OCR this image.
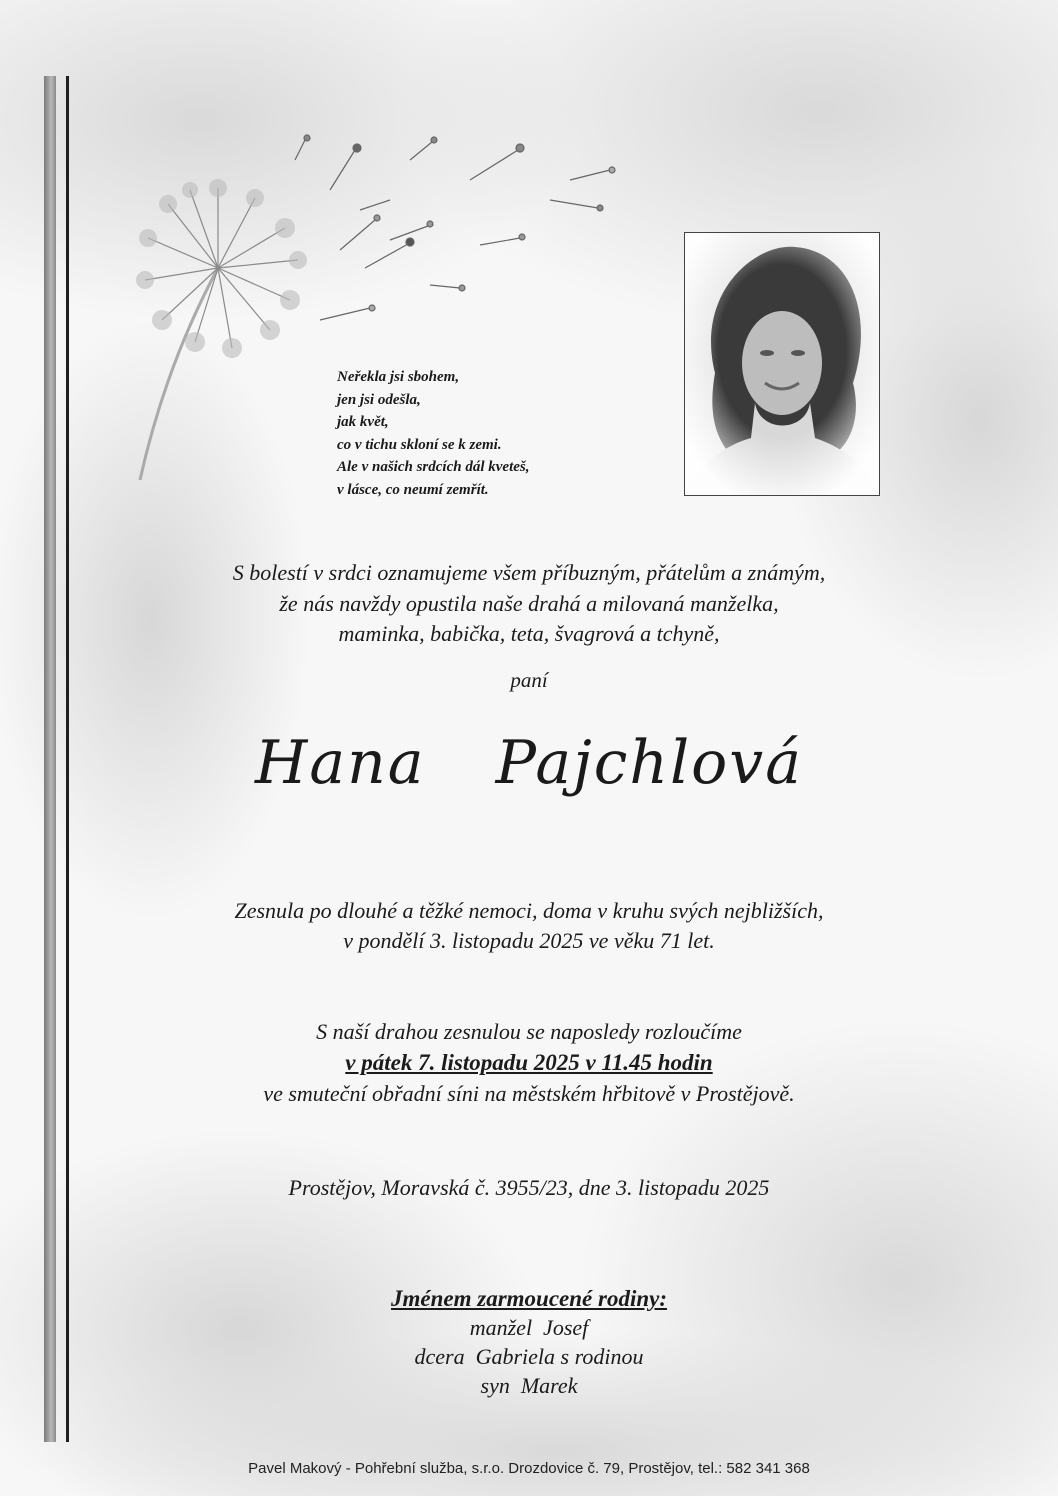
Neřekla jsi sbohem,
jen jsi odešla,
jak květ,
co v tichu skloní se k zemi.
Ale v našich srdcích dál kveteš,
v lásce, co neumí zemřít.
S bolestí v srdci oznamujeme všem příbuzným, přátelům a známým,
že nás navždy opustila naše drahá a milovaná manželka,
maminka, babička, teta, švagrová a tchyně,
paní
Hana  Pajchlová
Zesnula po dlouhé a těžké nemoci, doma v kruhu svých nejbližších,
v pondělí 3. listopadu 2025 ve věku 71 let.
S naší drahou zesnulou se naposledy rozloučíme
v pátek 7. listopadu 2025 v 11.45 hodin
ve smuteční obřadní síni na městském hřbitově v Prostějově.
Prostějov, Moravská č. 3955/23, dne 3. listopadu 2025
Jménem zarmoucené rodiny:
manžel  Josef
dcera  Gabriela s rodinou
syn  Marek
Pavel Makový - Pohřební služba, s.r.o. Drozdovice č. 79, Prostějov, tel.: 582 341 368
